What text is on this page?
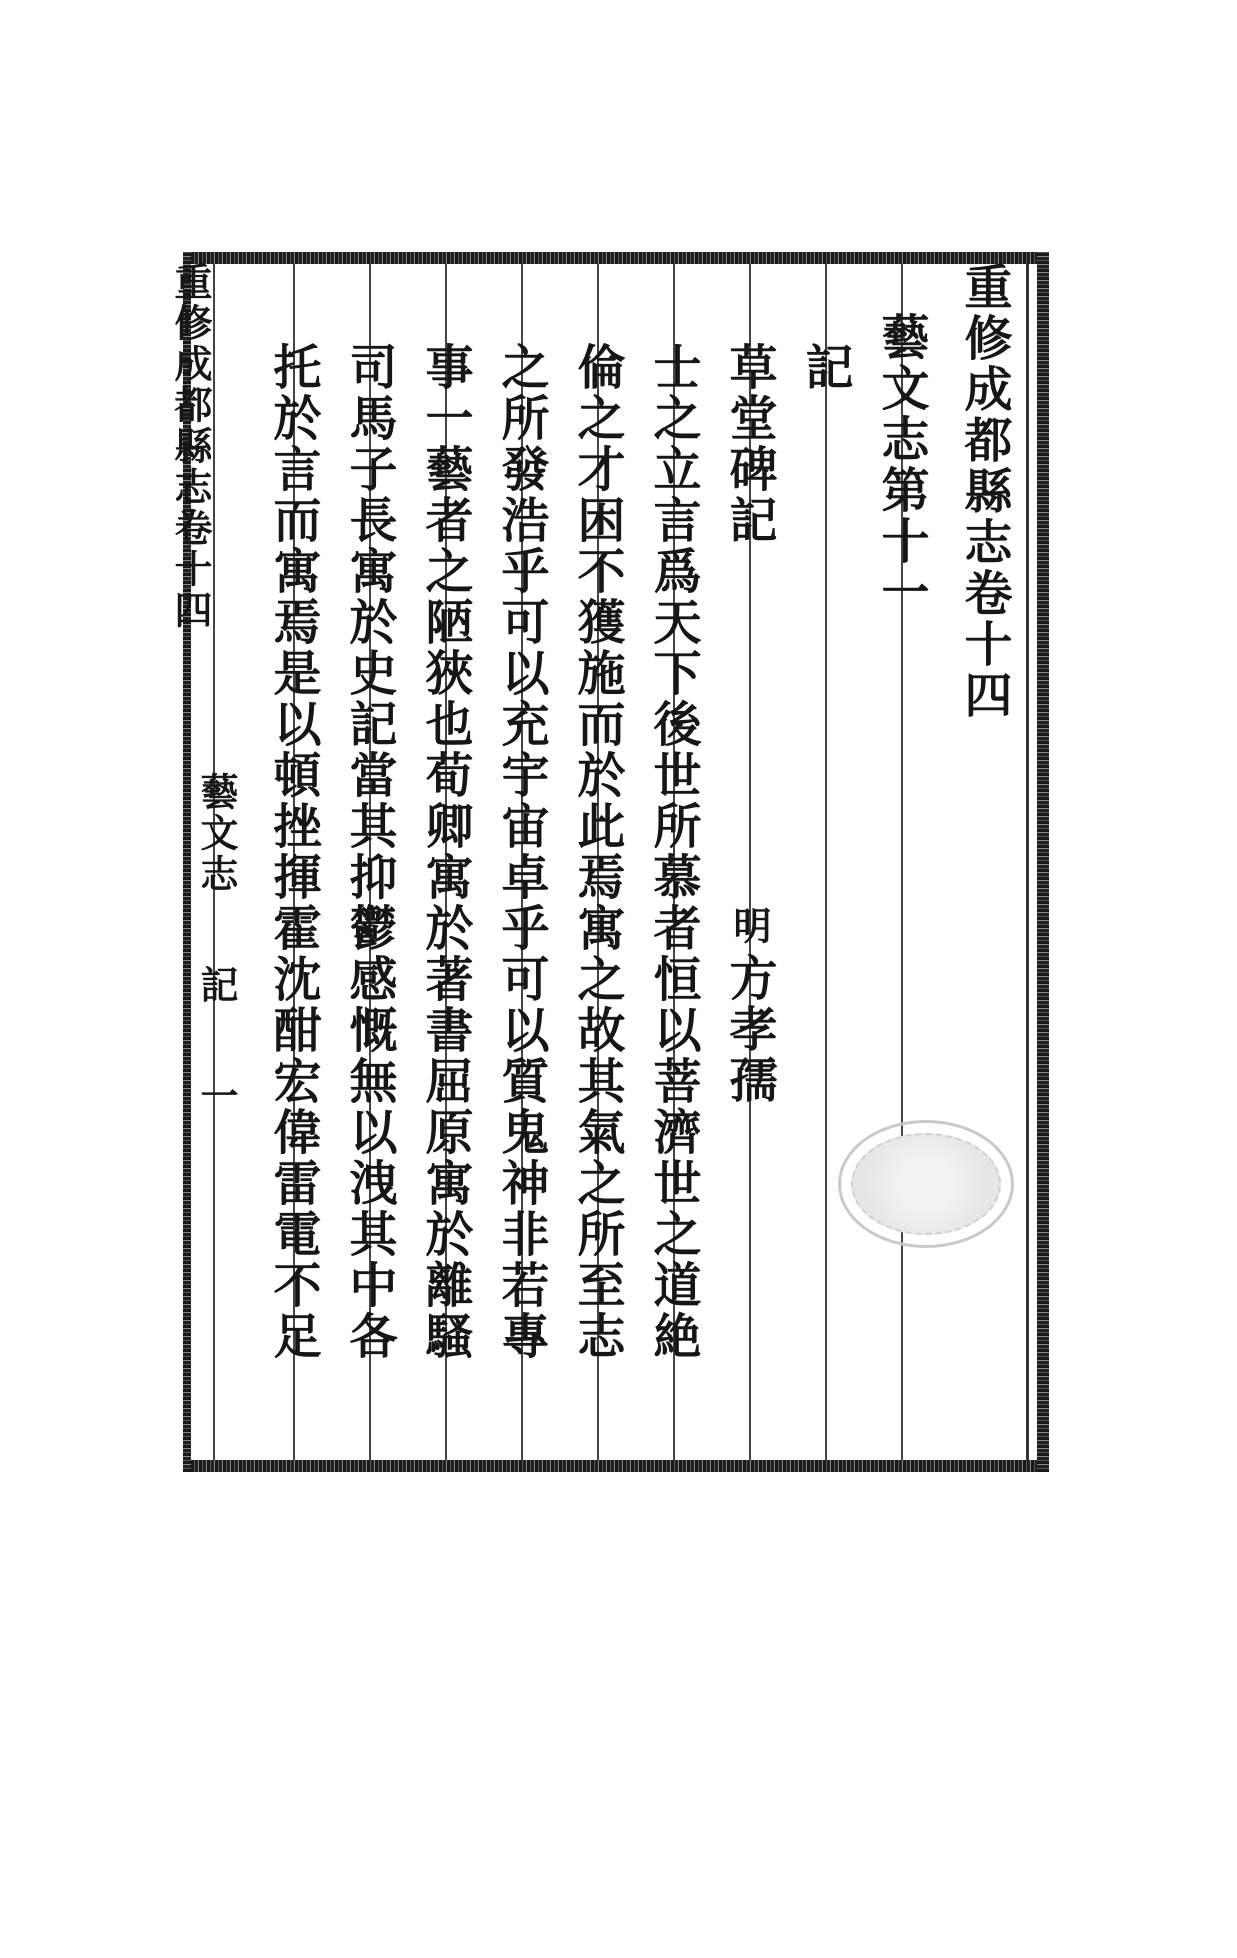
重修成都縣志卷十四
藝文志第十一
記
草堂碑記
明
方孝孺
士之立言爲天下後世所慕者恒以菩濟世之道絶
倫之才困不獲施而於此焉寓之故其氣之所至志
之所發浩乎可以充宇宙卓乎可以質鬼神非若專
事一藝者之陋狹也荀卿寓於著書屈原寓於離騷
司馬子長寓於史記當其抑鬱感慨無以洩其中各
托於言而寓焉是以頓挫揮霍沈酣宏偉雷電不足
重修成都縣志卷十四
藝文志
記
一
